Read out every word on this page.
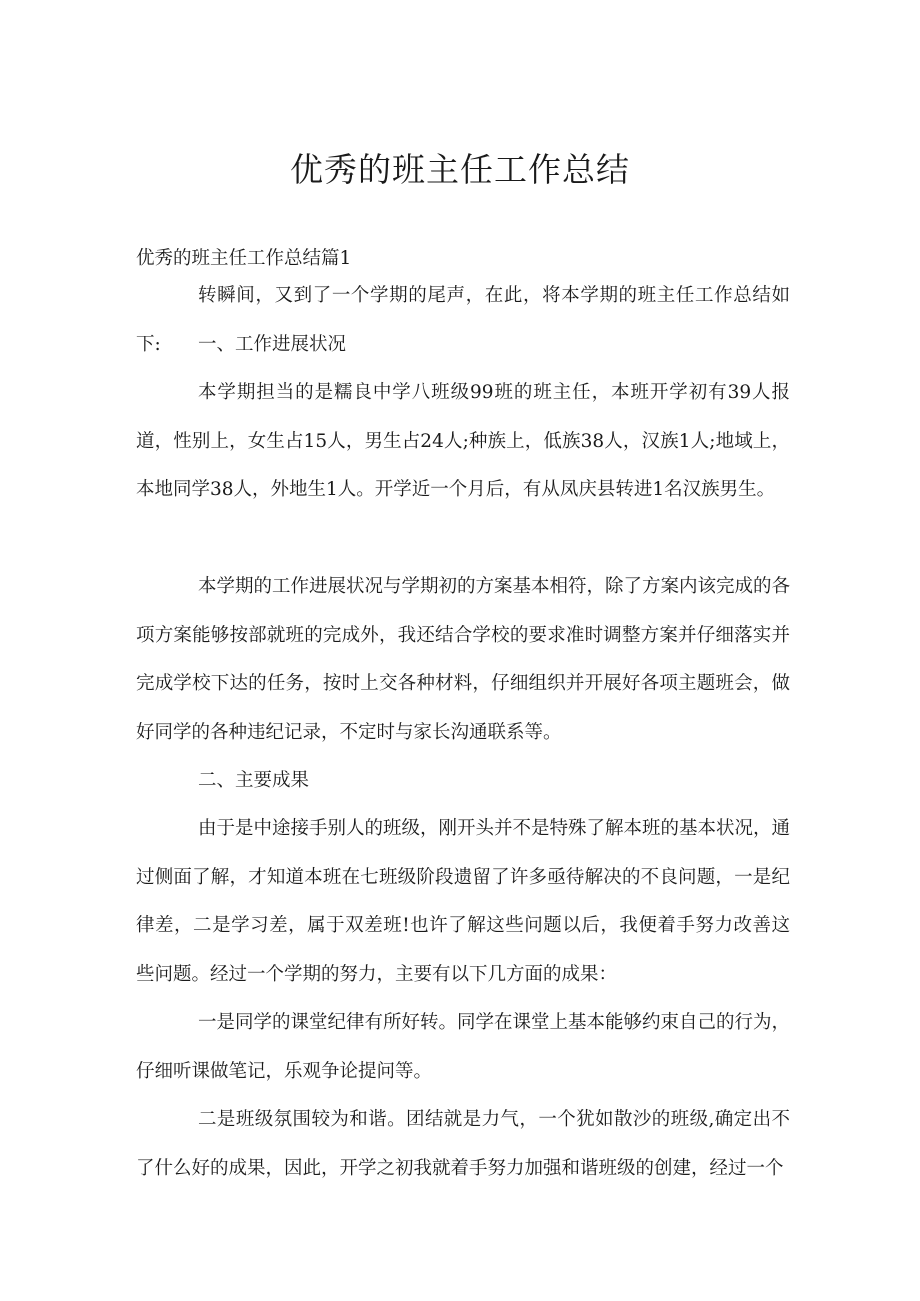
优秀的班主任工作总结

优秀的班主任工作总结篇1

转瞬间，又到了一个学期的尾声，在此，将本学期的班主任工作总结如下:	一、工作进展状况

本学期担当的是糯良中学八班级99班的班主任，本班开学初有39人报道，性别上，女生占15人，男生占24人;种族上，低族38人，汉族1人;地域上，本地同学38人，外地生1人。开学近一个月后，有从凤庆县转进1名汉族男生。

本学期的工作进展状况与学期初的方案基本相符，除了方案内该完成的各项方案能够按部就班的完成外，我还结合学校的要求准时调整方案并仔细落实并完成学校下达的任务，按时上交各种材料，仔细组织并开展好各项主题班会，做好同学的各种违纪记录，不定时与家长沟通联系等。

二、主要成果

由于是中途接手别人的班级，刚开头并不是特殊了解本班的基本状况，通过侧面了解，才知道本班在七班级阶段遗留了许多亟待解决的不良问题，一是纪律差，二是学习差，属于双差班!也许了解这些问题以后，我便着手努力改善这些问题。经过一个学期的努力，主要有以下几方面的成果：

一是同学的课堂纪律有所好转。同学在课堂上基本能够约束自己的行为，仔细听课做笔记，乐观争论提问等。

二是班级氛围较为和谐。团结就是力气，一个犹如散沙的班级,确定出不了什么好的成果，因此，开学之初我就着手努力加强和谐班级的创建，经过一个
